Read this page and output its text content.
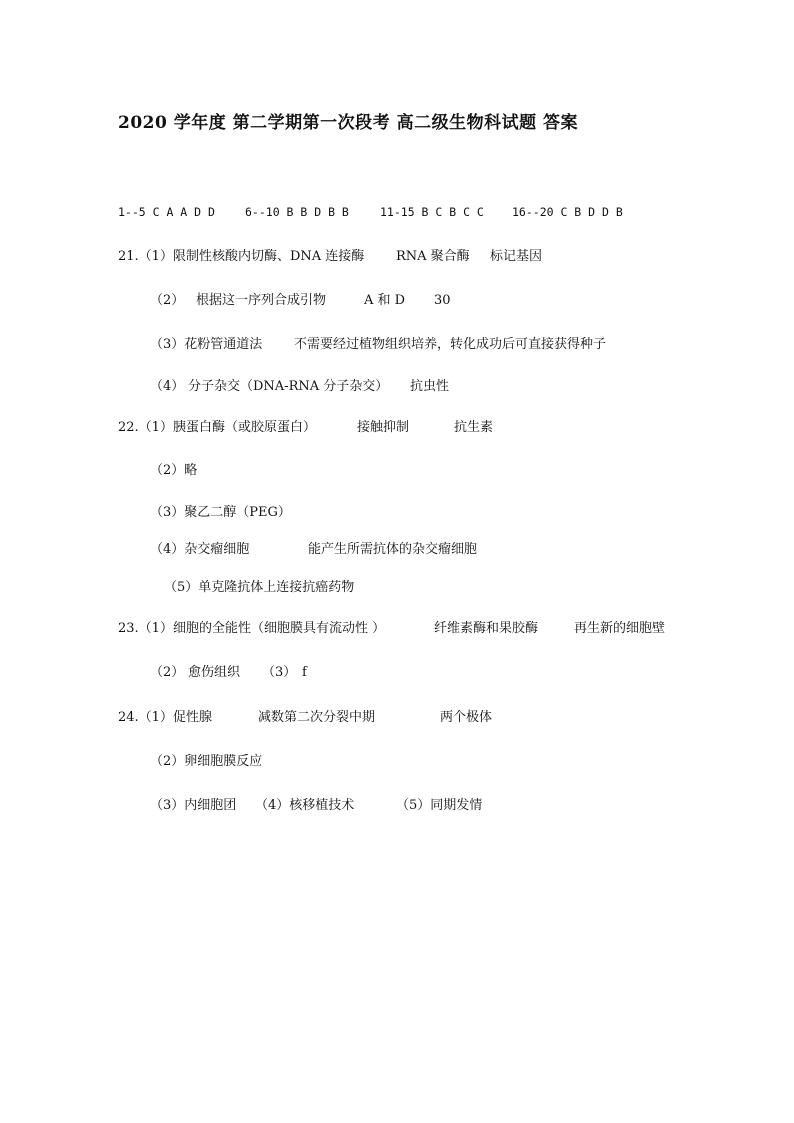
2020 学年度 第二学期第一次段考 高二级生物科试题 答案
1--5 C A A D D	6--10 B B D B B	11-15 B C B C C 16--20 C B D D B
21.（1）限制性核酸内切酶、DNA 连接酶 RNA 聚合酶 标记基因
（2） 根据这一序列合成引物	A 和 D 30
（3）花粉管通道法 不需要经过植物组织培养，转化成功后可直接获得种子
（4） 分子杂交（DNA-RNA 分子杂交） 抗虫性
22.（1）胰蛋白酶（或胶原蛋白）	接触抑制	抗生素
（2）略
（3）聚乙二醇（PEG）
（4）杂交瘤细胞	能产生所需抗体的杂交瘤细胞
（5）单克隆抗体上连接抗癌药物
23.（1）细胞的全能性（细胞膜具有流动性 ）	纤维素酶和果胶酶	再生新的细胞壁
（2） 愈伤组织 （3） f
24.（1）促性腺	减数第二次分裂中期	两个极体
（2）卵细胞膜反应
（3）内细胞团 （4）核移植技术	（5）同期发情
